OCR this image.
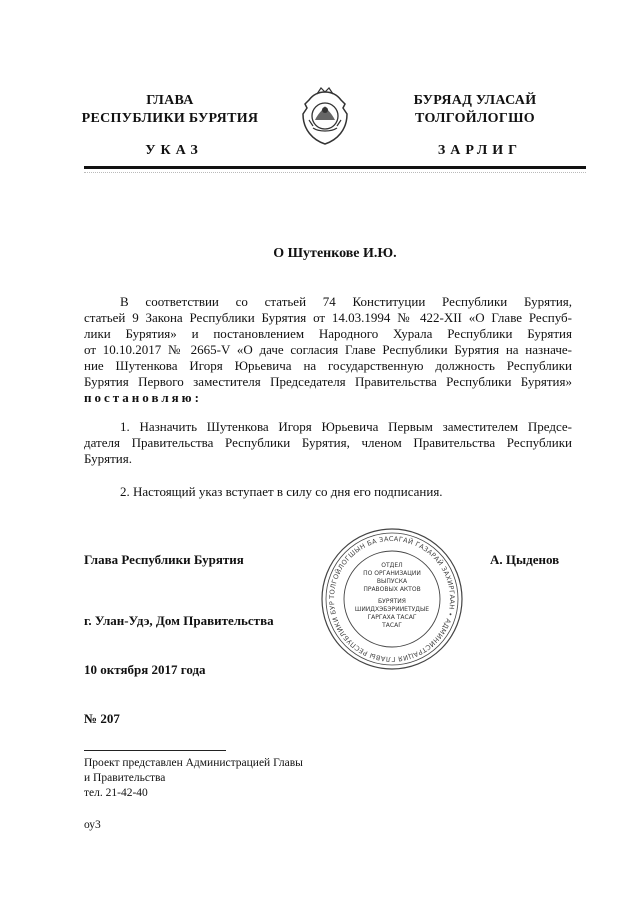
ГЛАВА
РЕСПУБЛИКИ БУРЯТИЯ
УКАЗ
БУРЯАД УЛАСАЙ
ТОЛГОЙЛОГШО
ЗАРЛИГ
О Шутенкове И.Ю.
В соответствии со статьей 74 Конституции Республики Бурятия,
статьей 9 Закона Республики Бурятия от 14.03.1994 № 422-XII «О Главе Респуб-
лики Бурятия» и постановлением Народного Хурала Республики Бурятия
от 10.10.2017 № 2665-V «О даче согласия Главе Республики Бурятия на назначе-
ние Шутенкова Игоря Юрьевича на государственную должность Республики
Бурятия Первого заместителя Председателя Правительства Республики Бурятия»
постановляю:
1. Назначить Шутенкова Игоря Юрьевича Первым заместителем Предсе-
дателя Правительства Республики Бурятия, членом Правительства Республики
Бурятия.
2. Настоящий указ вступает в силу со дня его подписания.
Глава Республики Бурятия	А. Цыденов
ТОЛГОЙЛОГШЫН БА ЗАСАГАЙ ГАЗАРАЙ ЗАХИРГААН • АДМИНИСТРАЦИЯ ГЛАВЫ РЕСПУБЛИКИ БУР
ОТДЕЛ
ПО ОРГАНИЗАЦИИ
ВЫПУСКА
ПРАВОВЫХ АКТОВ
БУРЯТИЯ
ШИИДХЭБЭРИИЕТУДЫЕ
ГАРГАХА ТАСАГ
ТАСАГ
г. Улан-Удэ, Дом Правительства
10 октября 2017 года
№ 207
Проект представлен Администрацией Главы
и Правительства
тел. 21-42-40
оу3
